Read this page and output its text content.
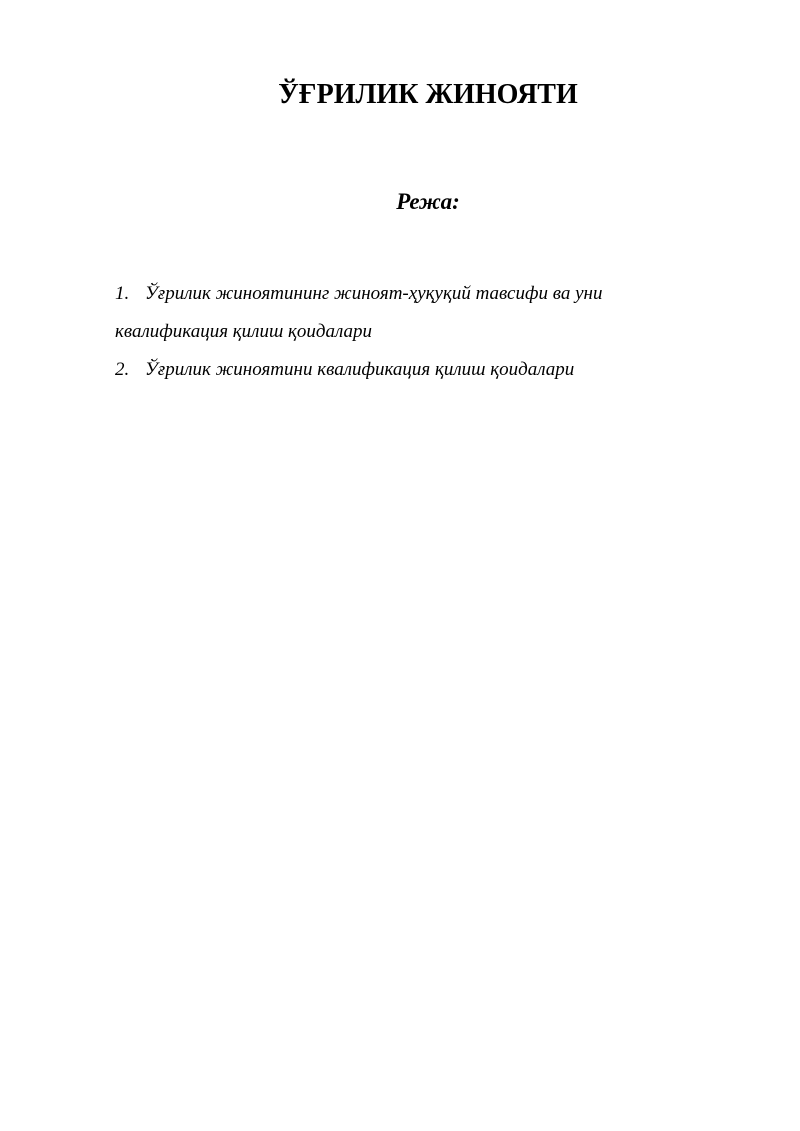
ЎҒРИЛИК ЖИНОЯТИ
Режа:
1. Ўғрилик жиноятининг жиноят-ҳуқуқий тавсифи ва уни
квалификация қилиш қоидалари
2. Ўғрилик жиноятини квалификация қилиш қоидалари
